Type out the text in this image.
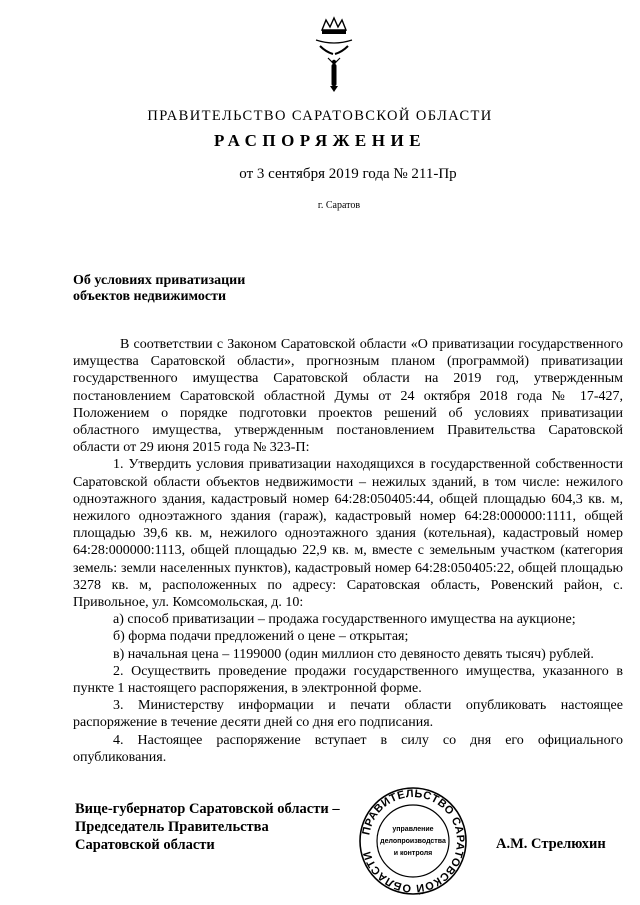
ПРАВИТЕЛЬСТВО САРАТОВСКОЙ ОБЛАСТИ
РАСПОРЯЖЕНИЕ
от 3 сентября 2019 года № 211-Пр
г. Саратов
Об условиях приватизации
объектов недвижимости

В соответствии с Законом Саратовской области «О приватизации государственного имущества Саратовской области», прогнозным планом (программой) приватизации государственного имущества Саратовской области на 2019 год, утвержденным постановлением Саратовской областной Думы от 24 октября 2018 года № 17-427, Положением о порядке подготовки проектов решений об условиях приватизации областного имущества, утвержденным постановлением Правительства Саратовской области от 29 июня 2015 года № 323-П:

1. Утвердить условия приватизации находящихся в государственной собственности Саратовской области объектов недвижимости – нежилых зданий, в том числе: нежилого одноэтажного здания, кадастровый номер 64:28:050405:44, общей площадью 604,3 кв. м, нежилого одноэтажного здания (гараж), кадастровый номер 64:28:000000:1111, общей площадью 39,6 кв. м, нежилого одноэтажного здания (котельная), кадастровый номер 64:28:000000:1113, общей площадью 22,9 кв. м, вместе с земельным участком (категория земель: земли населенных пунктов), кадастровый номер 64:28:050405:22, общей площадью 3278 кв. м, расположенных по адресу: Саратовская область, Ровенский район, с. Привольное, ул. Комсомольская, д. 10:

а) способ приватизации – продажа государственного имущества на аукционе;

б) форма подачи предложений о цене – открытая;

в) начальная цена – 1199000 (один миллион сто девяносто девять тысяч) рублей.

2. Осуществить проведение продажи государственного имущества, указанного в пункте 1 настоящего распоряжения, в электронной форме.

3. Министерству информации и печати области опубликовать настоящее распоряжение в течение десяти дней со дня его подписания.

4. Настоящее распоряжение вступает в силу со дня его официального опубликования.

Вице-губернатор Саратовской области –
Председатель Правительства
Саратовской области
ПРАВИТЕЛЬСТВО САРАТОВСКОЙ ОБЛАСТИ
управление
делопроизводства
и контроля
А.М. Стрелюхин
